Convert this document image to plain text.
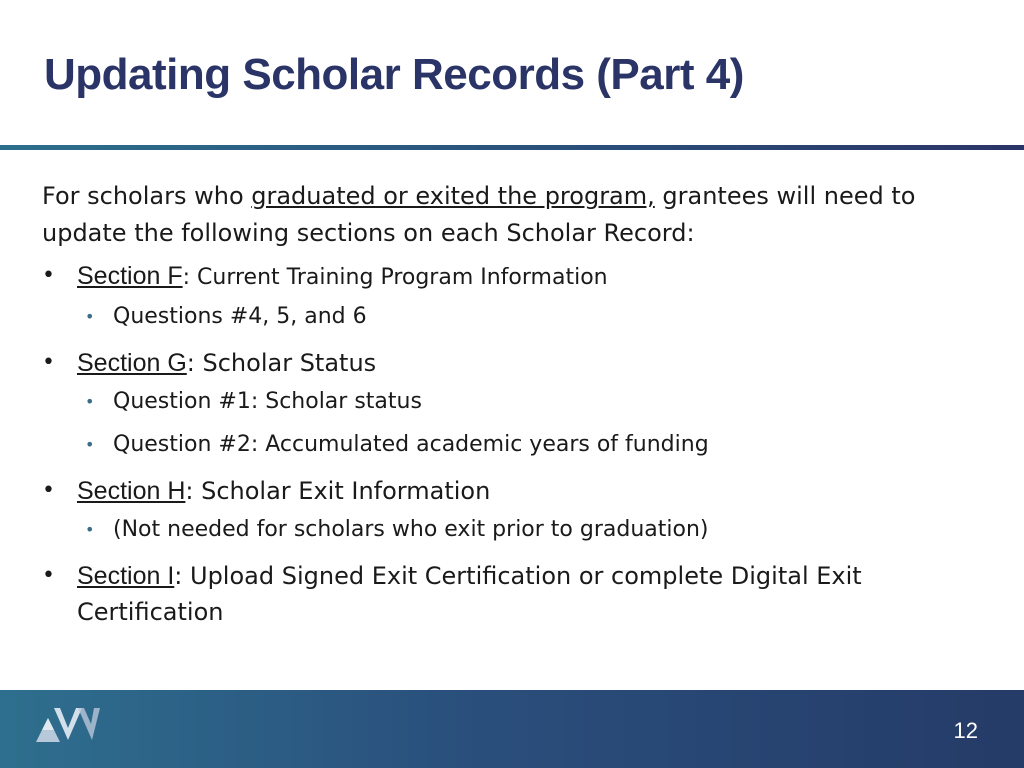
Updating Scholar Records (Part 4)

For scholars who graduated or exited the program, grantees will need to update the following sections on each Scholar Record:

• Section F: Current Training Program Information
• Questions #4, 5, and 6
• Section G: Scholar Status
• Question #1: Scholar status
• Question #2: Accumulated academic years of funding
• Section H: Scholar Exit Information
• (Not needed for scholars who exit prior to graduation)
• Section I: Upload Signed Exit Certification or complete Digital Exit Certification
12
